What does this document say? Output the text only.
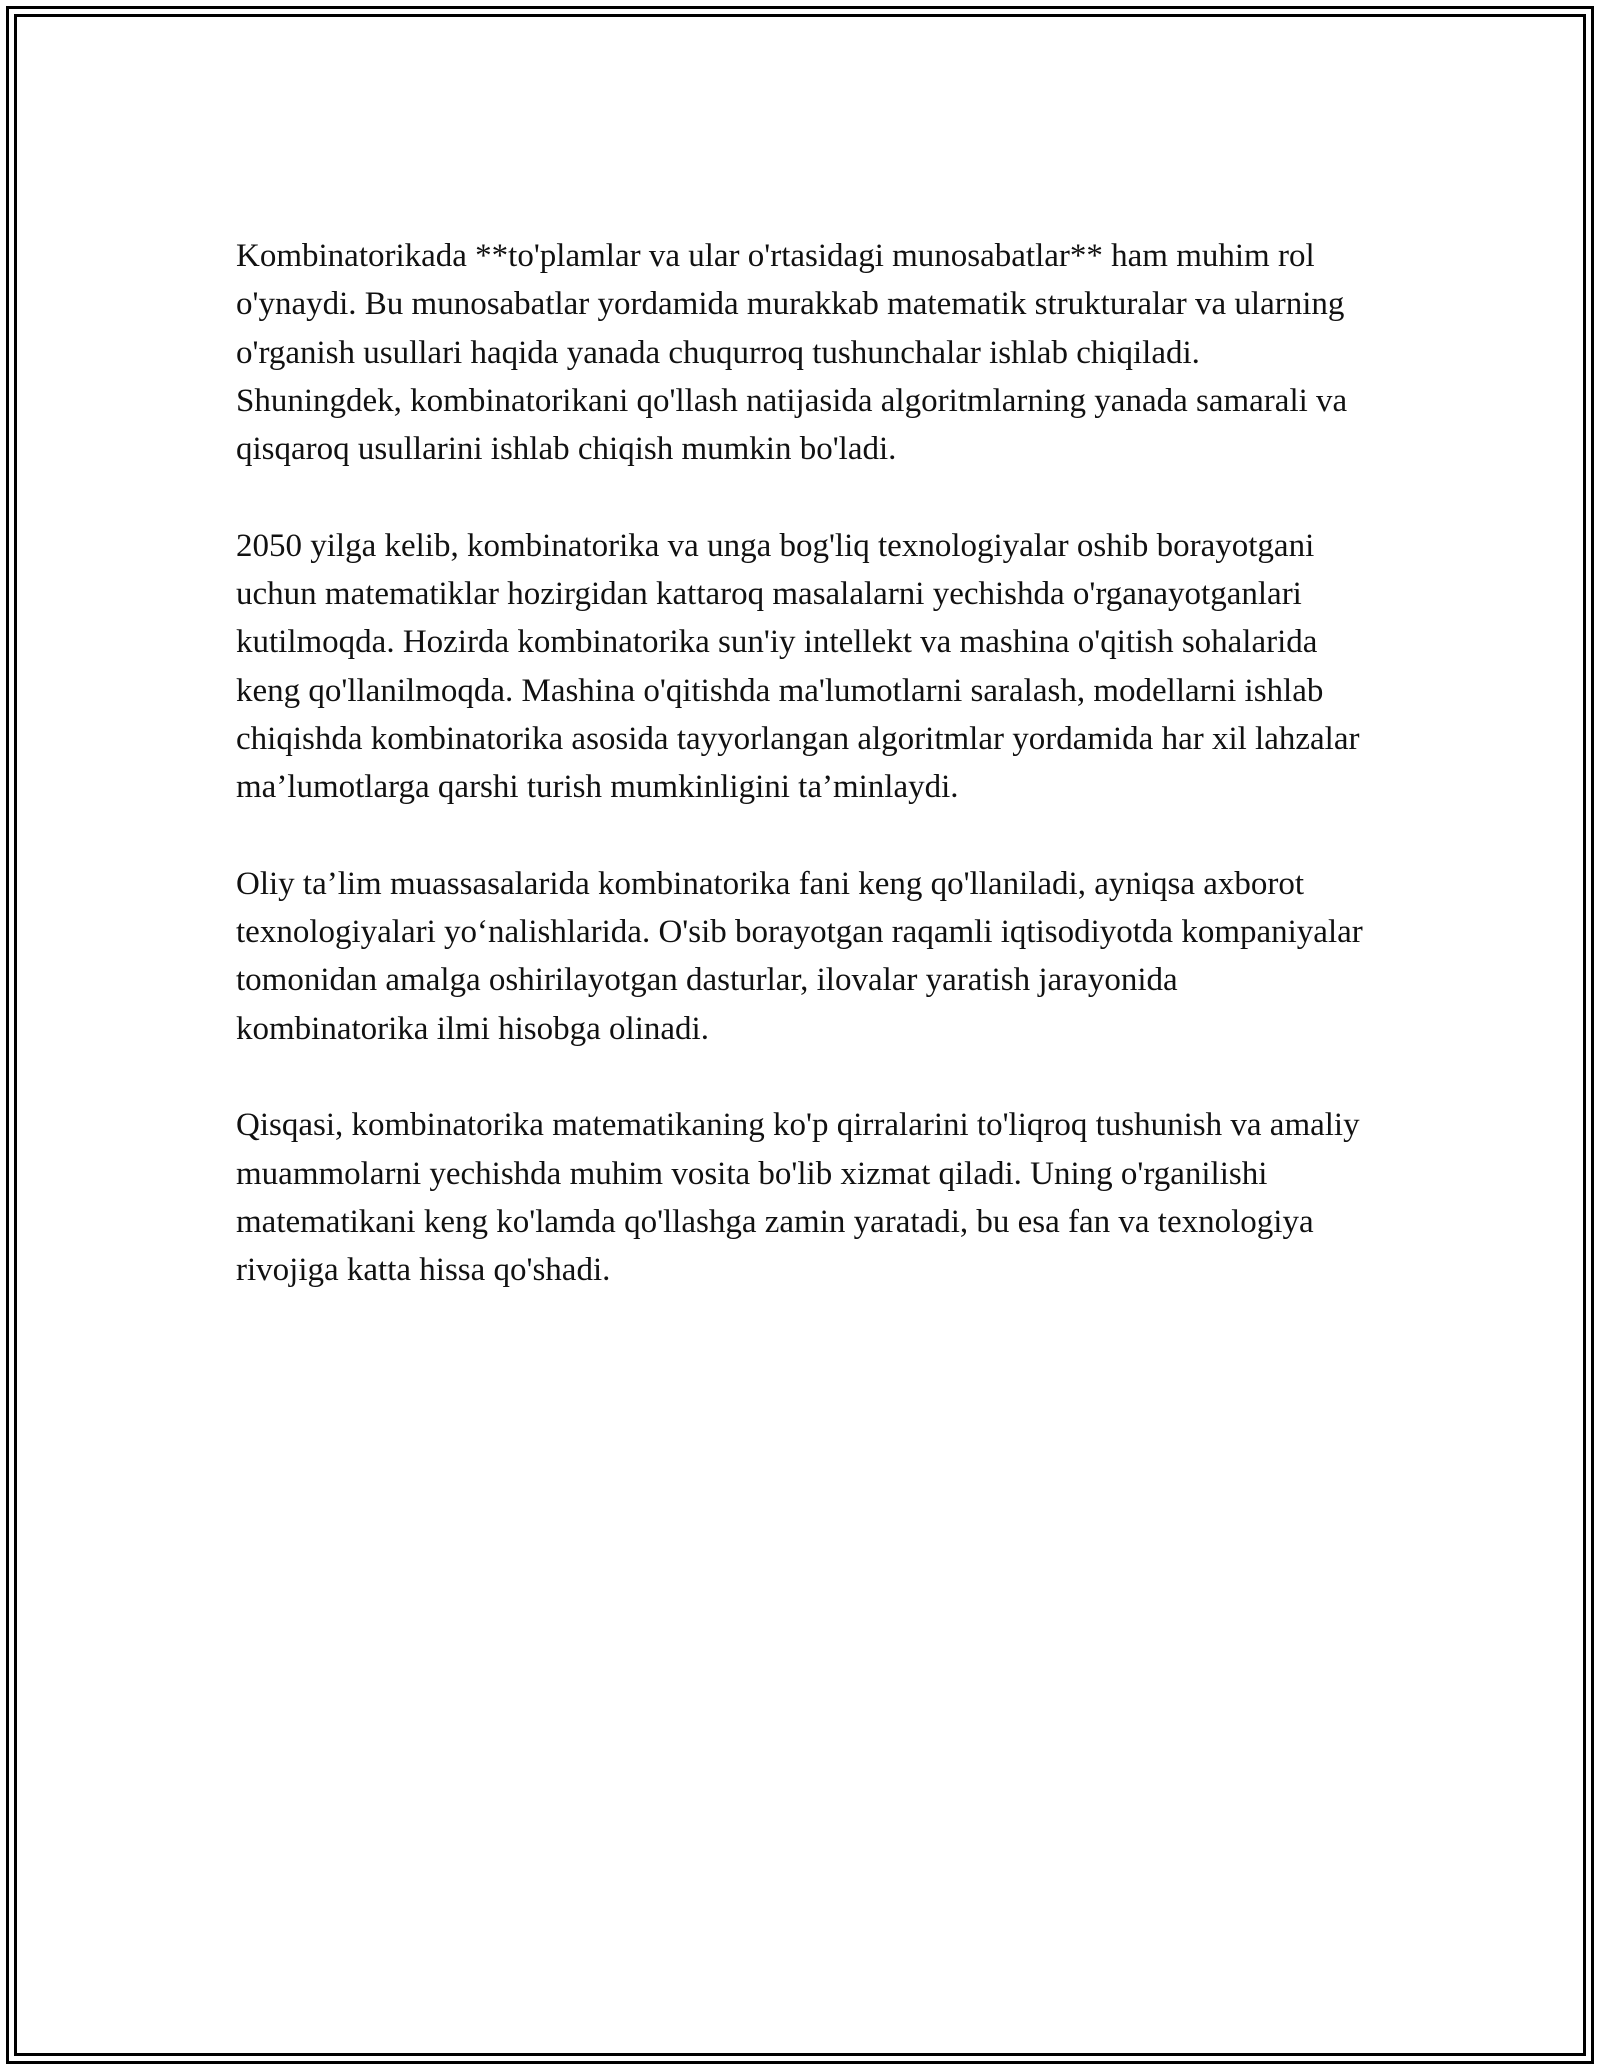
Kombinatorikada **to'plamlar va ular o'rtasidagi munosabatlar** ham muhim rol o'ynaydi. Bu munosabatlar yordamida murakkab matematik strukturalar va ularning o'rganish usullari haqida yanada chuqurroq tushunchalar ishlab chiqiladi. Shuningdek, kombinatorikani qo'llash natijasida algoritmlarning yanada samarali va qisqaroq usullarini ishlab chiqish mumkin bo'ladi.

2050 yilga kelib, kombinatorika va unga bog'liq texnologiyalar oshib borayotgani uchun matematiklar hozirgidan kattaroq masalalarni yechishda o'rganayotganlari kutilmoqda. Hozirda kombinatorika sun'iy intellekt va mashina o'qitish sohalarida keng qo'llanilmoqda. Mashina o'qitishda ma'lumotlarni saralash, modellarni ishlab chiqishda kombinatorika asosida tayyorlangan algoritmlar yordamida har xil lahzalar ma’lumotlarga qarshi turish mumkinligini ta’minlaydi.

Oliy ta’lim muassasalarida kombinatorika fani keng qo'llaniladi, ayniqsa axborot texnologiyalari yo‘nalishlarida. O'sib borayotgan raqamli iqtisodiyotda kompaniyalar tomonidan amalga oshirilayotgan dasturlar, ilovalar yaratish jarayonida kombinatorika ilmi hisobga olinadi.

Qisqasi, kombinatorika matematikaning ko'p qirralarini to'liqroq tushunish va amaliy muammolarni yechishda muhim vosita bo'lib xizmat qiladi. Uning o'rganilishi matematikani keng ko'lamda qo'llashga zamin yaratadi, bu esa fan va texnologiya rivojiga katta hissa qo'shadi.
